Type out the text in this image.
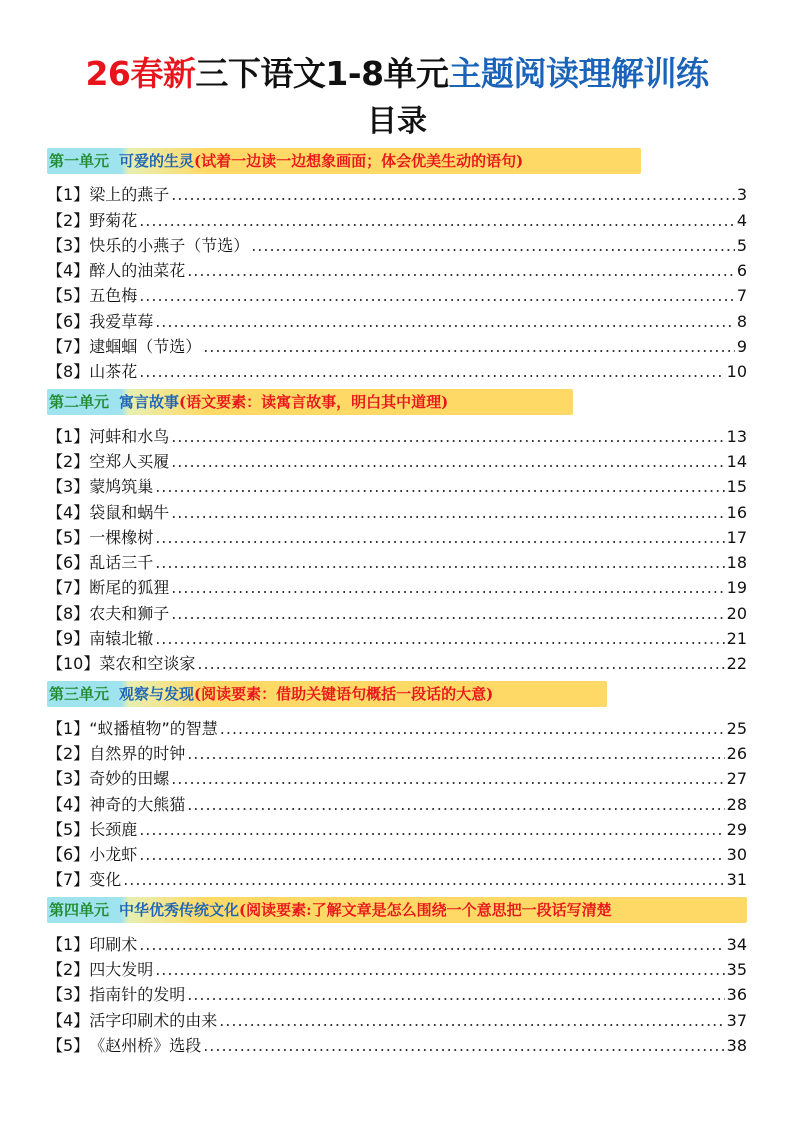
26春新三下语文1-8单元主题阅读理解训练
目录
第一单元 可爱的生灵 (试着一边读一边想象画面；体会优美生动的语句)
【1】 梁上的燕子 .....	3
【2】 野菊花 .....	4
【3】 快乐的小燕子（节选） .....	5
【4】 醉人的油菜花 .....	6
【5】 五色梅 .....	7
【6】 我爱草莓 .....	8
【7】 逮蝈蝈（节选） .....	9
【8】 山茶花 .....	10
第二单元 寓言故事 (语文要素：读寓言故事，明白其中道理)
【1】 河蚌和水鸟 .....	13
【2】 空郑人买履 .....	14
【3】 蒙鸠筑巢 .....	15
【4】 袋鼠和蜗牛 .....	16
【5】 一棵橡树 .....	17
【6】 乱话三千 .....	18
【7】 断尾的狐狸 .....	19
【8】 农夫和狮子 .....	20
【9】 南辕北辙 .....	21
【10】 菜农和空谈家 .....	22
第三单元 观察与发现 (阅读要素：借助关键语句概括一段话的大意)
【1】 “蚁播植物”的智慧 .....	25
【2】 自然界的时钟 .....	26
【3】 奇妙的田螺 .....	27
【4】 神奇的大熊猫 .....	28
【5】 长颈鹿 .....	29
【6】 小龙虾 .....	30
【7】 变化 .....	31
第四单元 中华优秀传统文化 (阅读要素:了解文章是怎么围绕一个意思把一段话写清楚
【1】 印刷术 .....	34
【2】 四大发明 .....	35
【3】 指南针的发明 .....	36
【4】 活字印刷术的由来 .....	37
【5】 《赵州桥》选段 .....	38
